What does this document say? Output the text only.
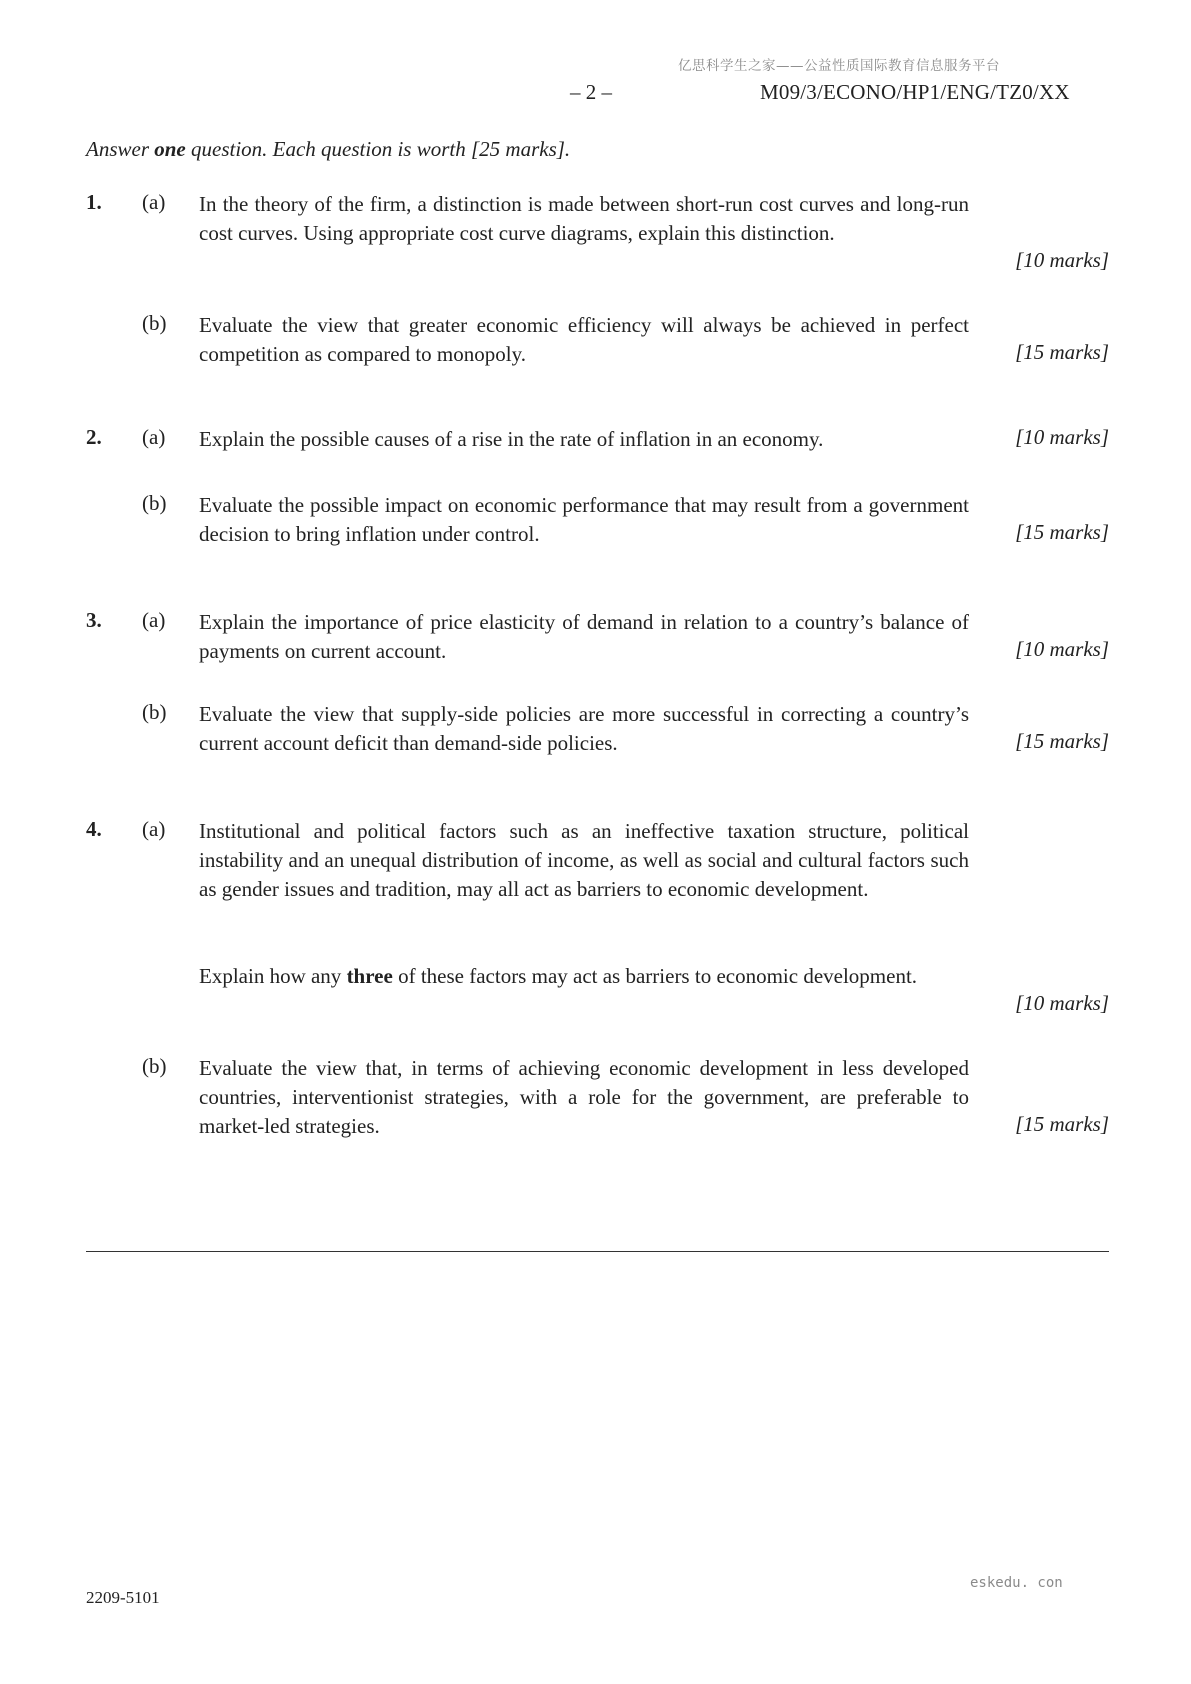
亿思科学生之家——公益性质国际教育信息服务平台
– 2 –	M09/3/ECONO/HP1/ENG/TZ0/XX
Answer one question. Each question is worth [25 marks].
1. (a) In the theory of the firm, a distinction is made between short-run cost curves and long-run cost curves. Using appropriate cost curve diagrams, explain this distinction.
[10 marks]
(b) Evaluate the view that greater economic efficiency will always be achieved in perfect competition as compared to monopoly.	[15 marks]
2. (a) Explain the possible causes of a rise in the rate of inflation in an economy.	[10 marks]
(b) Evaluate the possible impact on economic performance that may result from a government decision to bring inflation under control.	[15 marks]
3. (a) Explain the importance of price elasticity of demand in relation to a country’s balance of payments on current account.	[10 marks]
(b) Evaluate the view that supply-side policies are more successful in correcting a country’s current account deficit than demand-side policies.	[15 marks]
4. (a) Institutional and political factors such as an ineffective taxation structure, political instability and an unequal distribution of income, as well as social and cultural factors such as gender issues and tradition, may all act as barriers to economic development.
Explain how any three of these factors may act as barriers to economic development.
[10 marks]
(b) Evaluate the view that, in terms of achieving economic development in less developed countries, interventionist strategies, with a role for the government, are preferable to market-led strategies.	[15 marks]
eskedu. con
2209-5101
